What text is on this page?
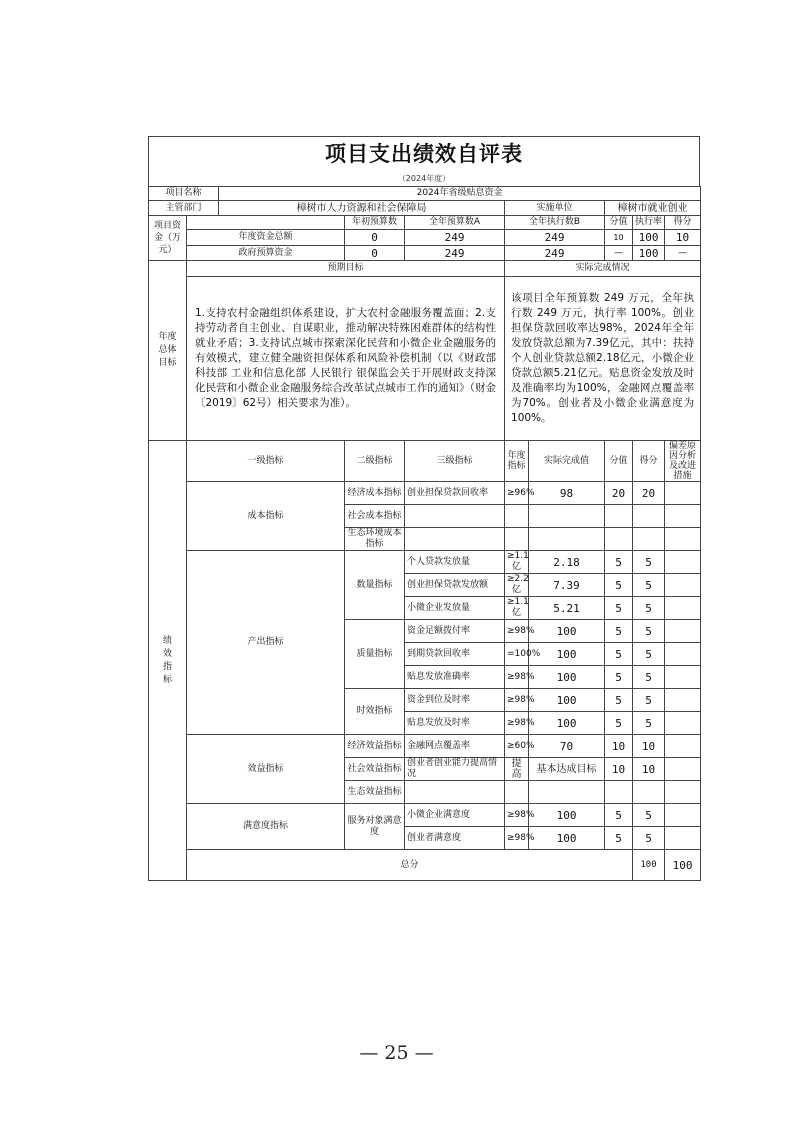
项目支出绩效自评表
（2024年度）
项目名称		2024年省级贴息资金								
主管部门		樟树市人力资源和社会保障局			实施单位		樟树市就业创业			
项目资金（万元）			年初预算数	全年预算数A	全年执行数B		分值	执行率	得分	
	年度资金总额		0	249	249		10	100	10	
	政府预算资金		0	249	249		—	100	—	
年度总体目标	预期目标				实际完成情况					
	1.支持农村金融组织体系建设，扩大农村金融服务覆盖面；2.支持劳动者自主创业、自谋职业，推动解决特殊困难群体的结构性就业矛盾；3.支持试点城市探索深化民营和小微企业金融服务的有效模式，建立健全融资担保体系和风险补偿机制（以《财政部 科技部 工业和信息化部 人民银行 银保监会关于开展财政支持深化民营和小微企业金融服务综合改革试点城市工作的通知》（财金〔2019〕62号）相关要求为准）。				该项目全年预算数 249 万元，全年执行数 249 万元，执行率 100%。创业担保贷款回收率达98%，2024年全年发放贷款总额为7.39亿元，其中：扶持个人创业贷款总额2.18亿元，小微企业贷款总额5.21亿元。贴息资金发放及时及准确率均为100%，金融网点覆盖率为70%。创业者及小微企业满意度为100%。					
绩效指标	一级指标		二级指标	三级指标	年度指标	实际完成值	分值	得分	偏差原因分析及改进措施	
	成本指标		经济成本指标	创业担保贷款回收率	≥96%	98	20	20		
			社会成本指标							
			生态环境成本指标							
	产出指标		数量指标	个人贷款发放量	≥1.1亿	2.18	5	5		
				创业担保贷款发放额	≥2.2亿	7.39	5	5		
				小微企业发放量	≥1.1亿	5.21	5	5		
			质量指标	资金足额拨付率	≥98%	100	5	5		
				到期贷款回收率	=100%	100	5	5		
				贴息发放准确率	≥98%	100	5	5		
			时效指标	资金到位及时率	≥98%	100	5	5		
				贴息发放及时率	≥98%	100	5	5		
	效益指标		经济效益指标	金融网点覆盖率	≥60%	70	10	10		
			社会效益指标	创业者创业能力提高情况	提高	基本达成目标	10	10		
			生态效益指标							
	满意度指标		服务对象满意度	小微企业满意度	≥98%	100	5	5		
				创业者满意度	≥98%	100	5	5		
	总分							100	100	
— 25 —
